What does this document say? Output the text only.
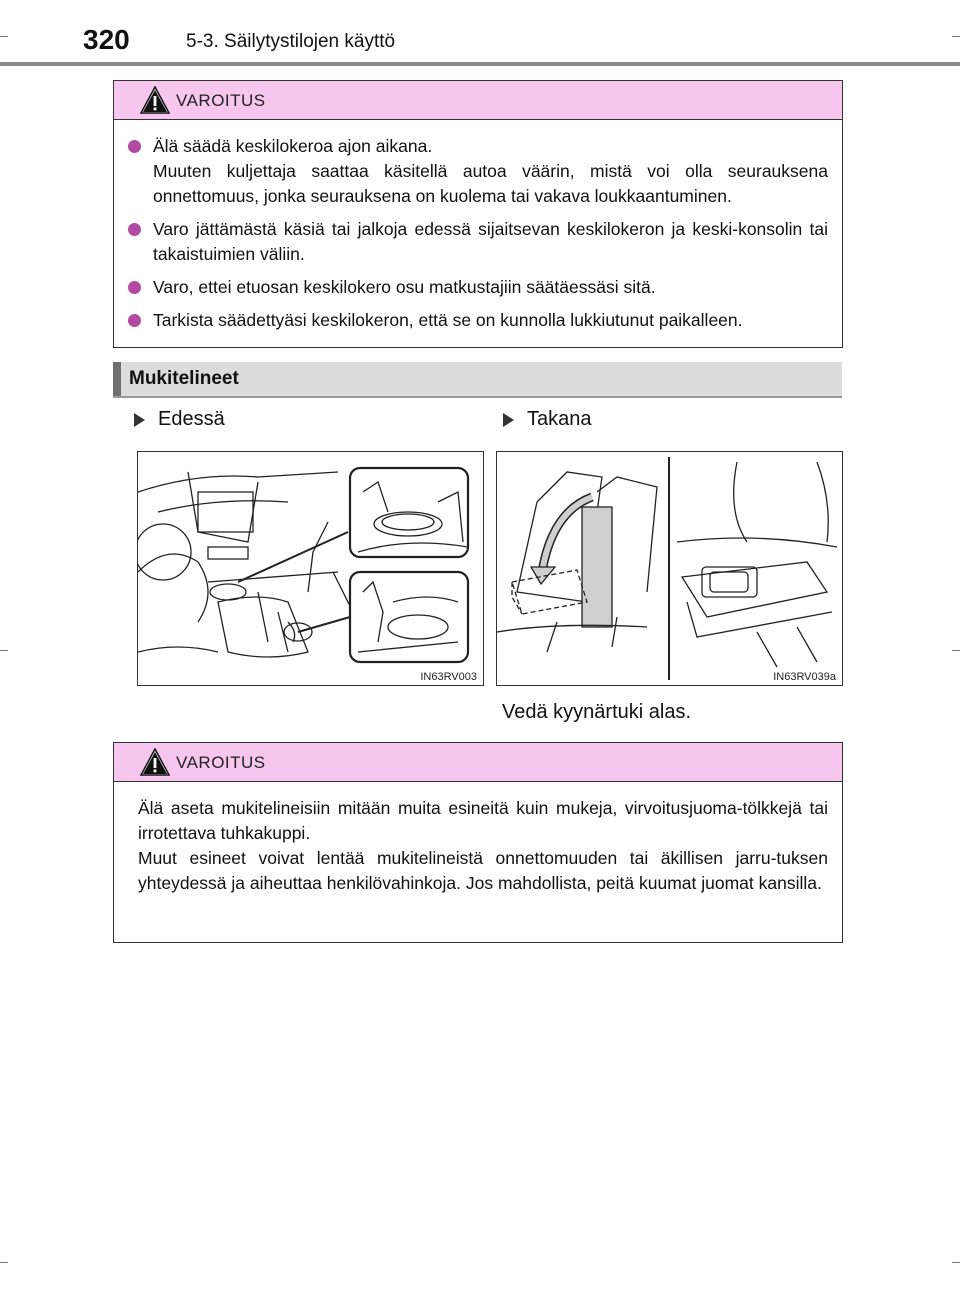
320	5-3. Säilytystilojen käyttö
VAROITUS
Älä säädä keskilokeroa ajon aikana.
Muuten kuljettaja saattaa käsitellä autoa väärin, mistä voi olla seurauksena onnettomuus, jonka seurauksena on kuolema tai vakava loukkaantuminen.
Varo jättämästä käsiä tai jalkoja edessä sijaitsevan keskilokeron ja keski-konsolin tai takaistuimien väliin.
Varo, ettei etuosan keskilokero osu matkustajiin säätäessäsi sitä.
Tarkista säädettyäsi keskilokeron, että se on kunnolla lukkiutunut paikalleen.
Mukitelineet
Edessä	Takana
IN63RV003	IN63RV039a
Vedä kyynärtuki alas.
VAROITUS
Älä aseta mukitelineisiin mitään muita esineitä kuin mukeja, virvoitusjuoma-tölkkejä tai irrotettava tuhkakuppi.
Muut esineet voivat lentää mukitelineistä onnettomuuden tai äkillisen jarru-tuksen yhteydessä ja aiheuttaa henkilövahinkoja. Jos mahdollista, peitä kuumat juomat kansilla.
